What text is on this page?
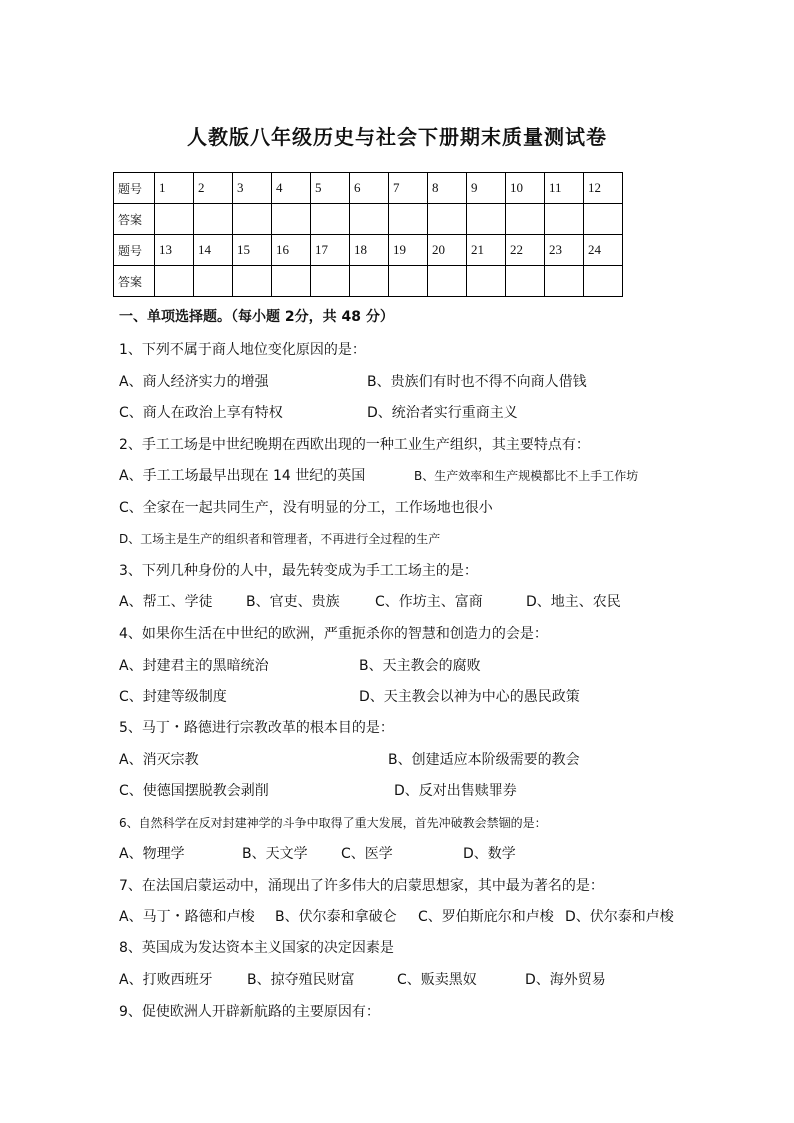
人教版八年级历史与社会下册期末质量测试卷
题号	1	2	3	4	5	6	7	8	9	10	11	12
答案												
题号	13	14	15	16	17	18	19	20	21	22	23	24
答案												
一、单项选择题。（每小题 2分，共 48 分）
1、下列不属于商人地位变化原因的是：
A、商人经济实力的增强	B、贵族们有时也不得不向商人借钱
C、商人在政治上享有特权	D、统治者实行重商主义
2、手工工场是中世纪晚期在西欧出现的一种工业生产组织，其主要特点有：
A、手工工场最早出现在 14 世纪的英国	B、生产效率和生产规模都比不上手工作坊
C、全家在一起共同生产，没有明显的分工，工作场地也很小
D、工场主是生产的组织者和管理者，不再进行全过程的生产
3、下列几种身份的人中，最先转变成为手工工场主的是：
A、帮工、学徒 B、官吏、贵族	C、作坊主、富商	D、地主、农民
4、如果你生活在中世纪的欧洲，严重扼杀你的智慧和创造力的会是：
A、封建君主的黑暗统治	B、天主教会的腐败
C、封建等级制度	D、天主教会以神为中心的愚民政策
5、马丁・路德进行宗教改革的根本目的是：
A、消灭宗教	B、创建适应本阶级需要的教会
C、使德国摆脱教会剥削	D、反对出售赎罪券
6、自然科学在反对封建神学的斗争中取得了重大发展，首先冲破教会禁锢的是：
A、物理学	B、天文学 C、医学	D、数学
7、在法国启蒙运动中，涌现出了许多伟大的启蒙思想家，其中最为著名的是：
A、马丁・路德和卢梭 B、伏尔泰和拿破仑 C、罗伯斯庇尔和卢梭 D、伏尔泰和卢梭
8、英国成为发达资本主义国家的决定因素是
A、打败西班牙 B、掠夺殖民财富	C、贩卖黑奴	D、海外贸易
9、促使欧洲人开辟新航路的主要原因有：
